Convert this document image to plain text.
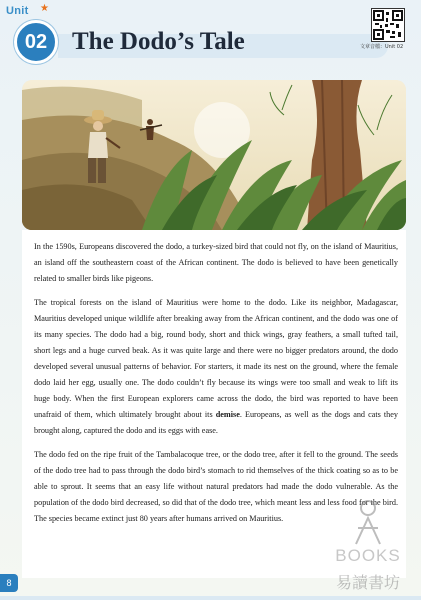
Unit ★
02 The Dodo’s Tale	文章音檔：Unit 02

In the 1590s, Europeans discovered the dodo, a turkey-sized bird that could not fly, on the island of Mauritius, an island off the southeastern coast of the African continent. The dodo is believed to have been genetically related to smaller birds like pigeons.

The tropical forests on the island of Mauritius were home to the dodo. Like its neighbor, Madagascar, Mauritius developed unique wildlife after breaking away from the African continent, and the dodo was one of its many species. The dodo had a big, round body, short and thick wings, gray feathers, a small tufted tail, short legs and a huge curved beak. As it was quite large and there were no bigger predators around, the dodo developed several unusual patterns of behavior. For starters, it made its nest on the ground, where the female dodo laid her egg, usually one. The dodo couldn’t fly because its wings were too small and weak to lift its huge body. When the first European explorers came across the dodo, the bird was reported to have been unafraid of them, which ultimately brought about its demise. Europeans, as well as the dogs and cats they brought along, captured the dodo and its eggs with ease.

The dodo fed on the ripe fruit of the Tambalacoque tree, or the dodo tree, after it fell to the ground. The seeds of the dodo tree had to pass through the dodo bird’s stomach to rid themselves of the thick coating so as to be able to sprout. It seems that an easy life without natural predators had made the dodo vulnerable. As the population of the dodo bird decreased, so did that of the dodo tree, which meant less and less food for the bird. The species became extinct just 80 years after humans arrived on Mauritius.

BOOKS
易讀書坊
8
